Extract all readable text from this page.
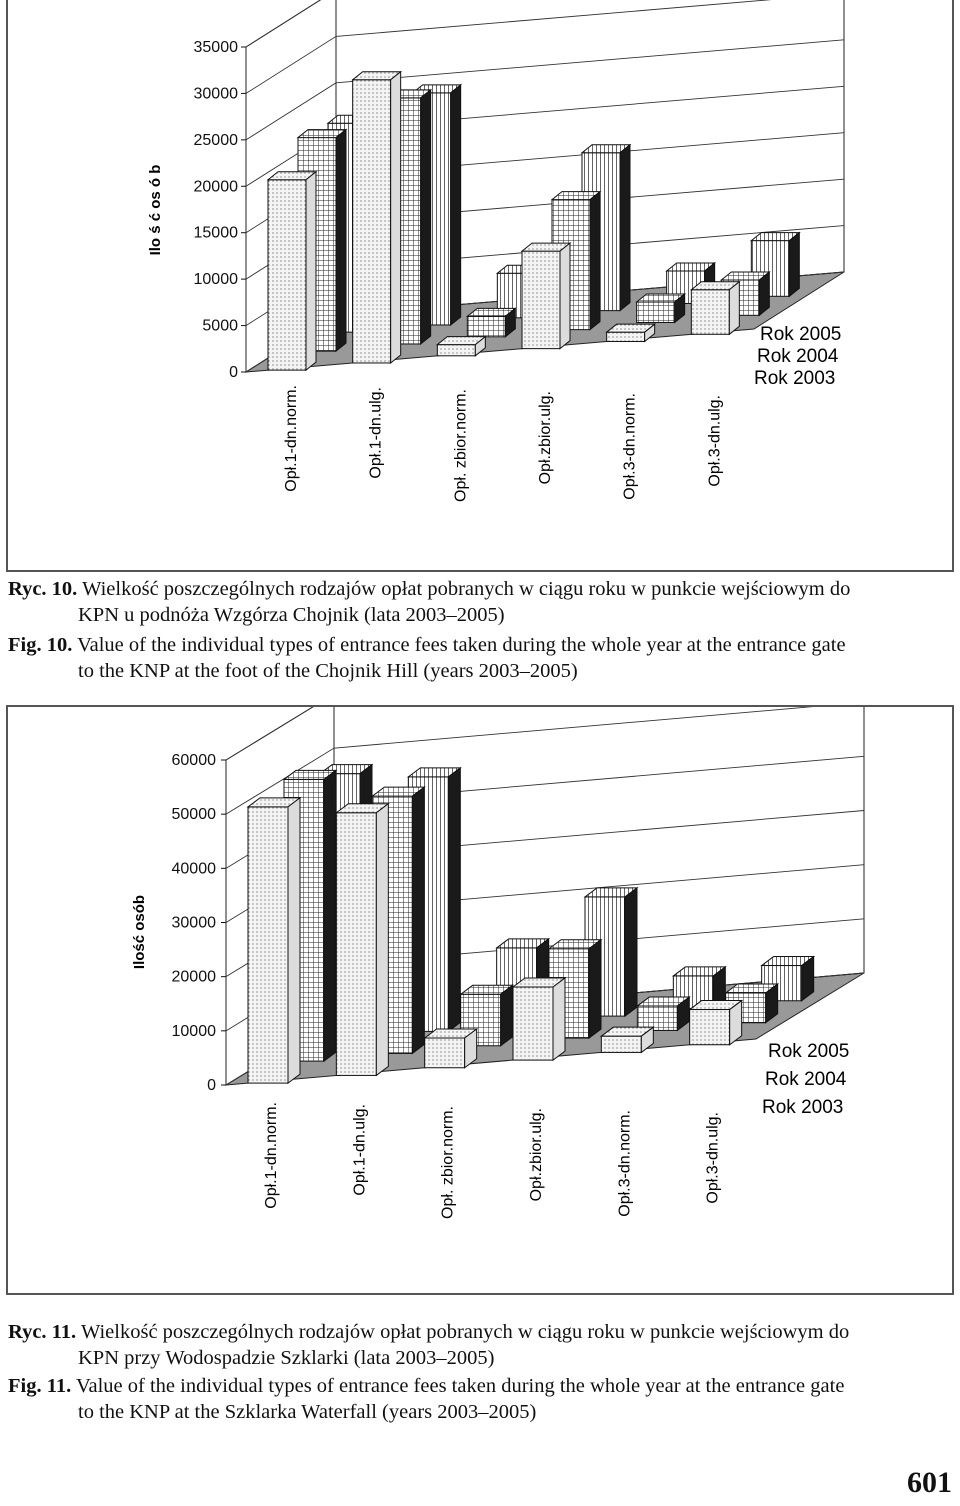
0
5000
10000
15000
20000
25000
30000
35000
Ilo ś ć os ó b
Opł.1-dn.norm.	Opł.1-dn.ulg.	Opł. zbior.norm.	Opł.zbior.ulg.	Opł.3-dn.norm.	Opł.3-dn.ulg.
Rok 2005
Rok 2004
Rok 2003
Ryc. 10. Wielkość poszczególnych rodzajów opłat pobranych w ciągu roku w punkcie wejściowym do
KPN u podnóża Wzgórza Chojnik (lata 2003–2005)
Fig. 10. Value of the individual types of entrance fees taken during the whole year at the entrance gate
to the KNP at the foot of the Chojnik Hill (years 2003–2005)
0
10000
20000
30000
40000
50000
60000
Ilość osób
Opł.1-dn.norm.	Opł.1-dn.ulg.	Opł. zbior.norm.	Opł.zbior.ulg.	Opł.3-dn.norm.	Opł.3-dn.ulg.
Rok 2005
Rok 2004
Rok 2003
Ryc. 11. Wielkość poszczególnych rodzajów opłat pobranych w ciągu roku w punkcie wejściowym do
KPN przy Wodospadzie Szklarki (lata 2003–2005)
Fig. 11. Value of the individual types of entrance fees taken during the whole year at the entrance gate
to the KNP at the Szklarka Waterfall (years 2003–2005)
601
